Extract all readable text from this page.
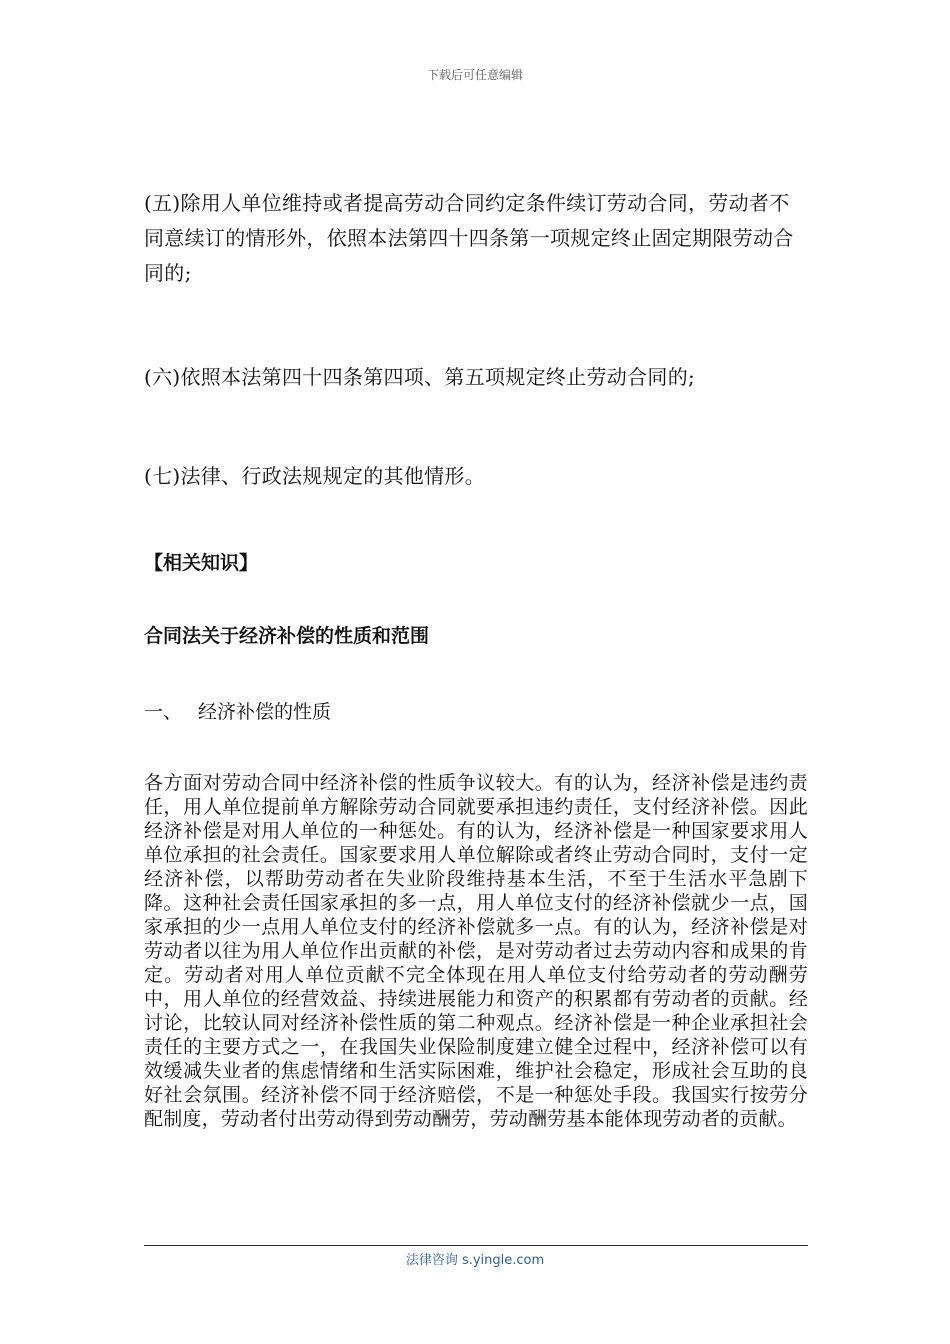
下载后可任意编辑
(五)除用人单位维持或者提高劳动合同约定条件续订劳动合同，劳动者不同意续订的情形外，依照本法第四十四条第一项规定终止固定期限劳动合同的;
(六)依照本法第四十四条第四项、第五项规定终止劳动合同的;
(七)法律、行政法规规定的其他情形。
【相关知识】
合同法关于经济补偿的性质和范围
一、 经济补偿的性质
各方面对劳动合同中经济补偿的性质争议较大。有的认为，经济补偿是违约责任，用人单位提前单方解除劳动合同就要承担违约责任，支付经济补偿。因此经济补偿是对用人单位的一种惩处。有的认为，经济补偿是一种国家要求用人单位承担的社会责任。国家要求用人单位解除或者终止劳动合同时，支付一定经济补偿，以帮助劳动者在失业阶段维持基本生活，不至于生活水平急剧下降。这种社会责任国家承担的多一点，用人单位支付的经济补偿就少一点，国家承担的少一点用人单位支付的经济补偿就多一点。有的认为，经济补偿是对劳动者以往为用人单位作出贡献的补偿，是对劳动者过去劳动内容和成果的肯定。劳动者对用人单位贡献不完全体现在用人单位支付给劳动者的劳动酬劳中，用人单位的经营效益、持续进展能力和资产的积累都有劳动者的贡献。经讨论，比较认同对经济补偿性质的第二种观点。经济补偿是一种企业承担社会责任的主要方式之一，在我国失业保险制度建立健全过程中，经济补偿可以有效缓减失业者的焦虑情绪和生活实际困难，维护社会稳定，形成社会互助的良好社会氛围。经济补偿不同于经济赔偿，不是一种惩处手段。我国实行按劳分配制度，劳动者付出劳动得到劳动酬劳，劳动酬劳基本能体现劳动者的贡献。
法律咨询 s.yingle.com
